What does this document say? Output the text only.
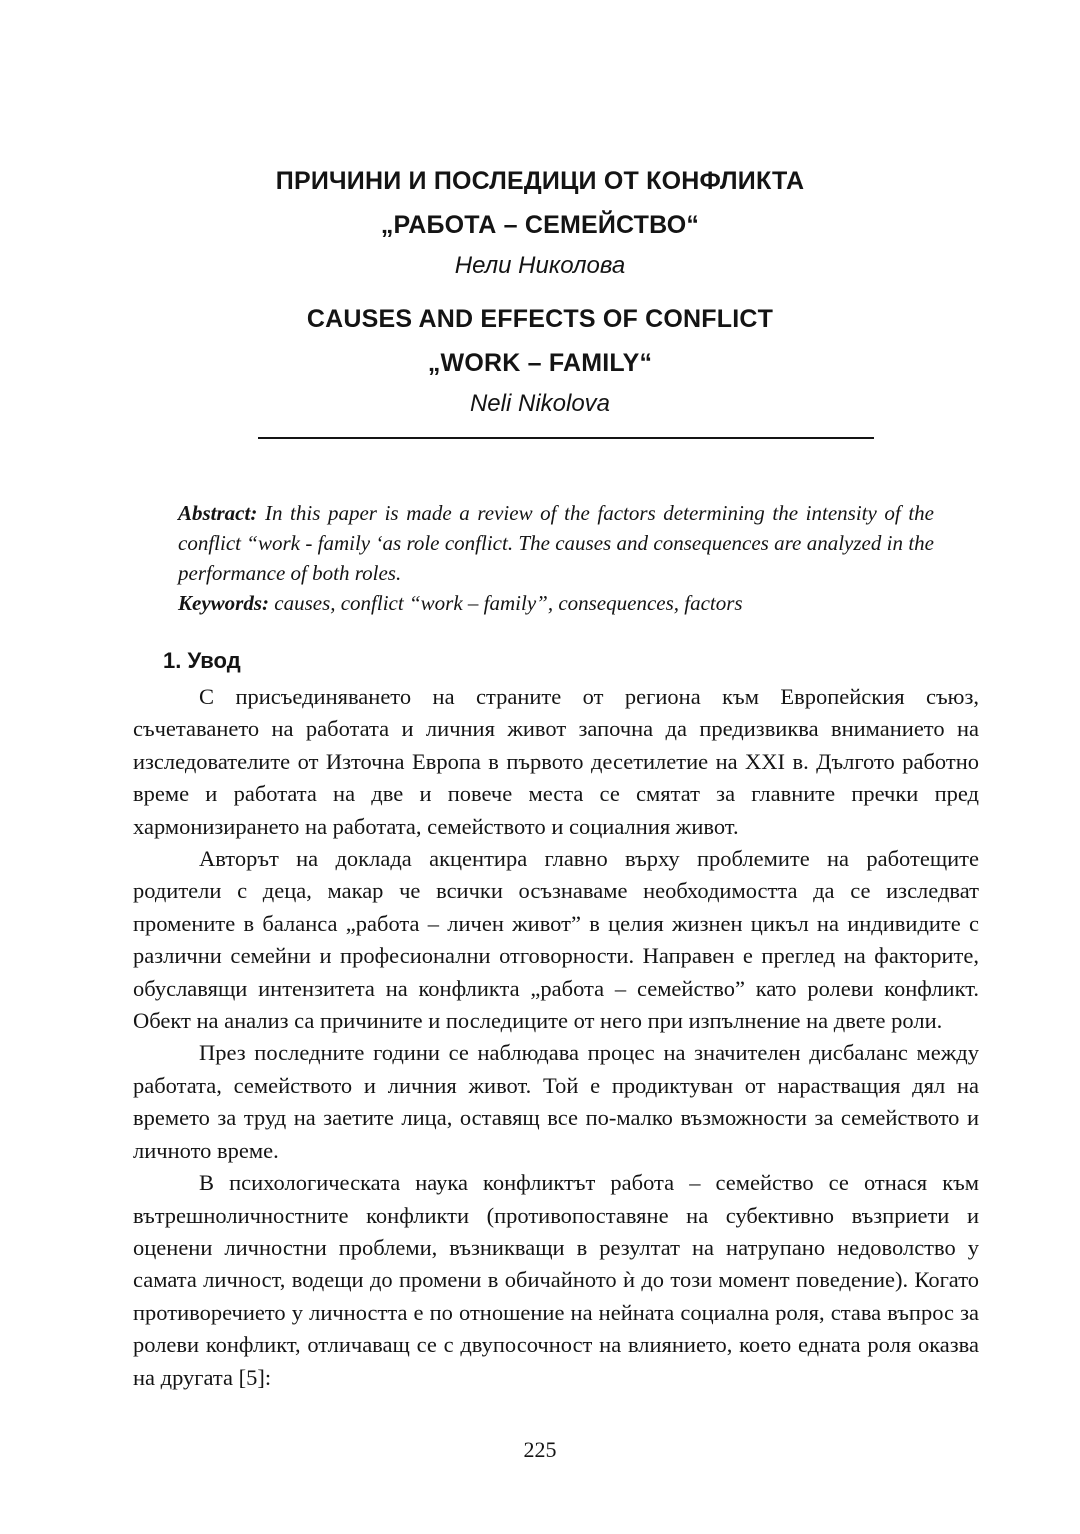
ПРИЧИНИ И ПОСЛЕДИЦИ ОТ КОНФЛИКТА
„РАБОТА – СЕМЕЙСТВО“

Нели Николова

CAUSES AND EFFECTS OF CONFLICT
„WORK – FAMILY“

Neli Nikolova

Abstract: In this paper is made a review of the factors determining the intensity of the conflict “work - family ‘as role conflict. The causes and consequences are analyzed in the performance of both roles.

Keywords: causes, conflict “work – family”, consequences, factors

1. Увод

С присъединяването на страните от региона към Европейския съюз, съчетаването на работата и личния живот започна да предизвиква вниманието на изследователите от Източна Европа в първото десетилетие на XXI в. Дългото работно време и работата на две и повече места се смятат за главните пречки пред хармонизирането на работата, семейството и социалния живот.

Авторът на доклада акцентира главно върху проблемите на работещите родители с деца, макар че всички осъзнаваме необходимостта да се изследват промените в баланса „работа – личен живот” в целия жизнен цикъл на индивидите с различни семейни и професионални отговорности. Направен е преглед на факторите, обуславящи интензитета на конфликта „работа – семейство” като ролеви конфликт. Обект на анализ са причините и последиците от него при изпълнение на двете роли.

През последните години се наблюдава процес на значителен дисбаланс между работата, семейството и личния живот. Той е продиктуван от нарастващия дял на времето за труд на заетите лица, оставящ все по-малко възможности за семейството и личното време.

В психологическата наука конфликтът работа – семейство се отнася към вътрешноличностните конфликти (противопоставяне на субективно възприети и оценени личностни проблеми, възникващи в резултат на натрупано недоволство у самата личност, водещи до промени в обичайното ѝ до този момент поведение). Когато противоречието у личността е по отношение на нейната социална роля, става въпрос за ролеви конфликт, отличаващ се с двупосочност на влиянието, което едната роля оказва на другата [5]:

225
